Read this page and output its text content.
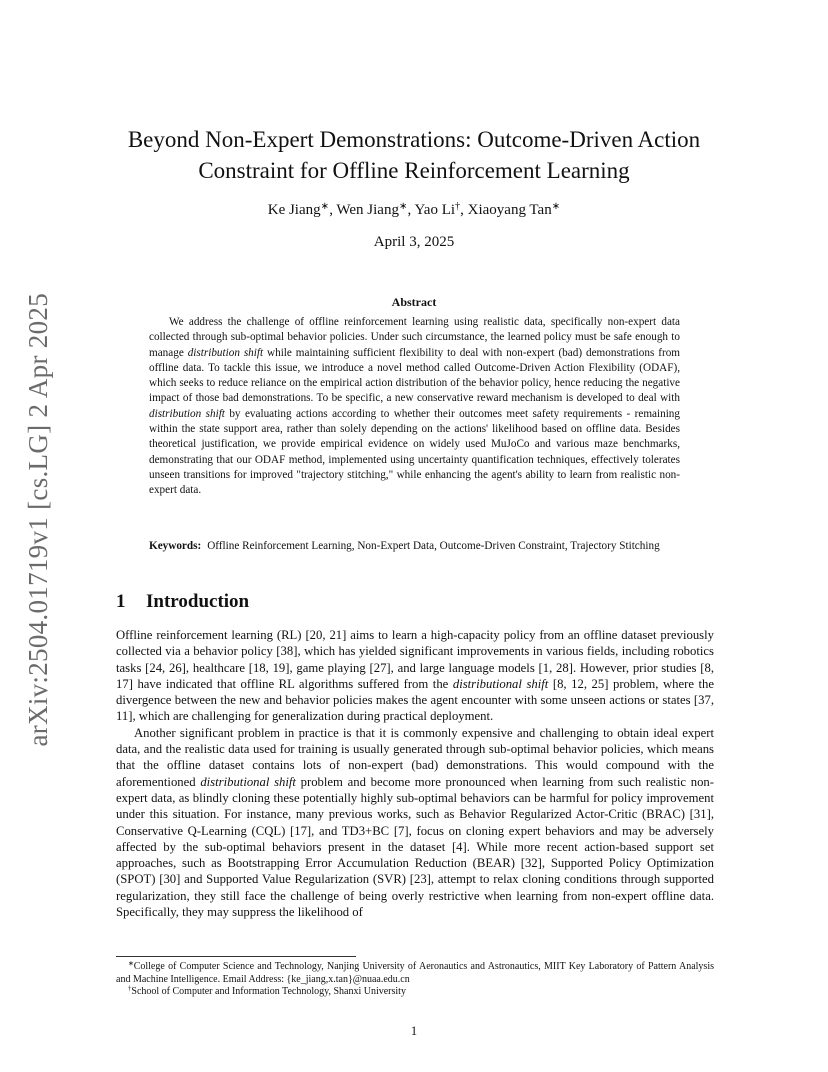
arXiv:2504.01719v1 [cs.LG] 2 Apr 2025
Beyond Non-Expert Demonstrations: Outcome-Driven Action
Constraint for Offline Reinforcement Learning
Ke Jiang∗, Wen Jiang∗, Yao Li†, Xiaoyang Tan∗
April 3, 2025
Abstract

We address the challenge of offline reinforcement learning using realistic data, specifically non-expert data collected through sub-optimal behavior policies. Under such circumstance, the learned policy must be safe enough to manage distribution shift while maintaining sufficient flexibility to deal with non-expert (bad) demonstrations from offline data. To tackle this issue, we introduce a novel method called Outcome-Driven Action Flexibility (ODAF), which seeks to reduce reliance on the empirical action distribution of the behavior policy, hence reducing the negative impact of those bad demonstrations. To be specific, a new conservative reward mechanism is developed to deal with distribution shift by evaluating actions according to whether their outcomes meet safety requirements - remaining within the state support area, rather than solely depending on the actions' likelihood based on offline data. Besides theoretical justification, we provide empirical evidence on widely used MuJoCo and various maze benchmarks, demonstrating that our ODAF method, implemented using uncertainty quantification techniques, effectively tolerates unseen transitions for improved "trajectory stitching," while enhancing the agent's ability to learn from realistic non-expert data.

Keywords: Offline Reinforcement Learning, Non-Expert Data, Outcome-Driven Constraint, Trajectory Stitching

1 Introduction

Offline reinforcement learning (RL) [20, 21] aims to learn a high-capacity policy from an offline dataset previously collected via a behavior policy [38], which has yielded significant improvements in various fields, including robotics tasks [24, 26], healthcare [18, 19], game playing [27], and large language models [1, 28]. However, prior studies [8, 17] have indicated that offline RL algorithms suffered from the distributional shift [8, 12, 25] problem, where the divergence between the new and behavior policies makes the agent encounter with some unseen actions or states [37, 11], which are challenging for generalization during practical deployment.

Another significant problem in practice is that it is commonly expensive and challenging to obtain ideal expert data, and the realistic data used for training is usually generated through sub-optimal behavior policies, which means that the offline dataset contains lots of non-expert (bad) demonstrations. This would compound with the aforementioned distributional shift problem and become more pronounced when learning from such realistic non-expert data, as blindly cloning these potentially highly sub-optimal behaviors can be harmful for policy improvement under this situation. For instance, many previous works, such as Behavior Regularized Actor-Critic (BRAC) [31], Conservative Q-Learning (CQL) [17], and TD3+BC [7], focus on cloning expert behaviors and may be adversely affected by the sub-optimal behaviors present in the dataset [4]. While more recent action-based support set approaches, such as Bootstrapping Error Accumulation Reduction (BEAR) [32], Supported Policy Optimization (SPOT) [30] and Supported Value Regularization (SVR) [23], attempt to relax cloning conditions through supported regularization, they still face the challenge of being overly restrictive when learning from non-expert offline data. Specifically, they may suppress the likelihood of

∗College of Computer Science and Technology, Nanjing University of Aeronautics and Astronautics, MIIT Key Laboratory of Pattern Analysis and Machine Intelligence. Email Address: {ke_jiang,x.tan}@nuaa.edu.cn

†School of Computer and Information Technology, Shanxi University

1
